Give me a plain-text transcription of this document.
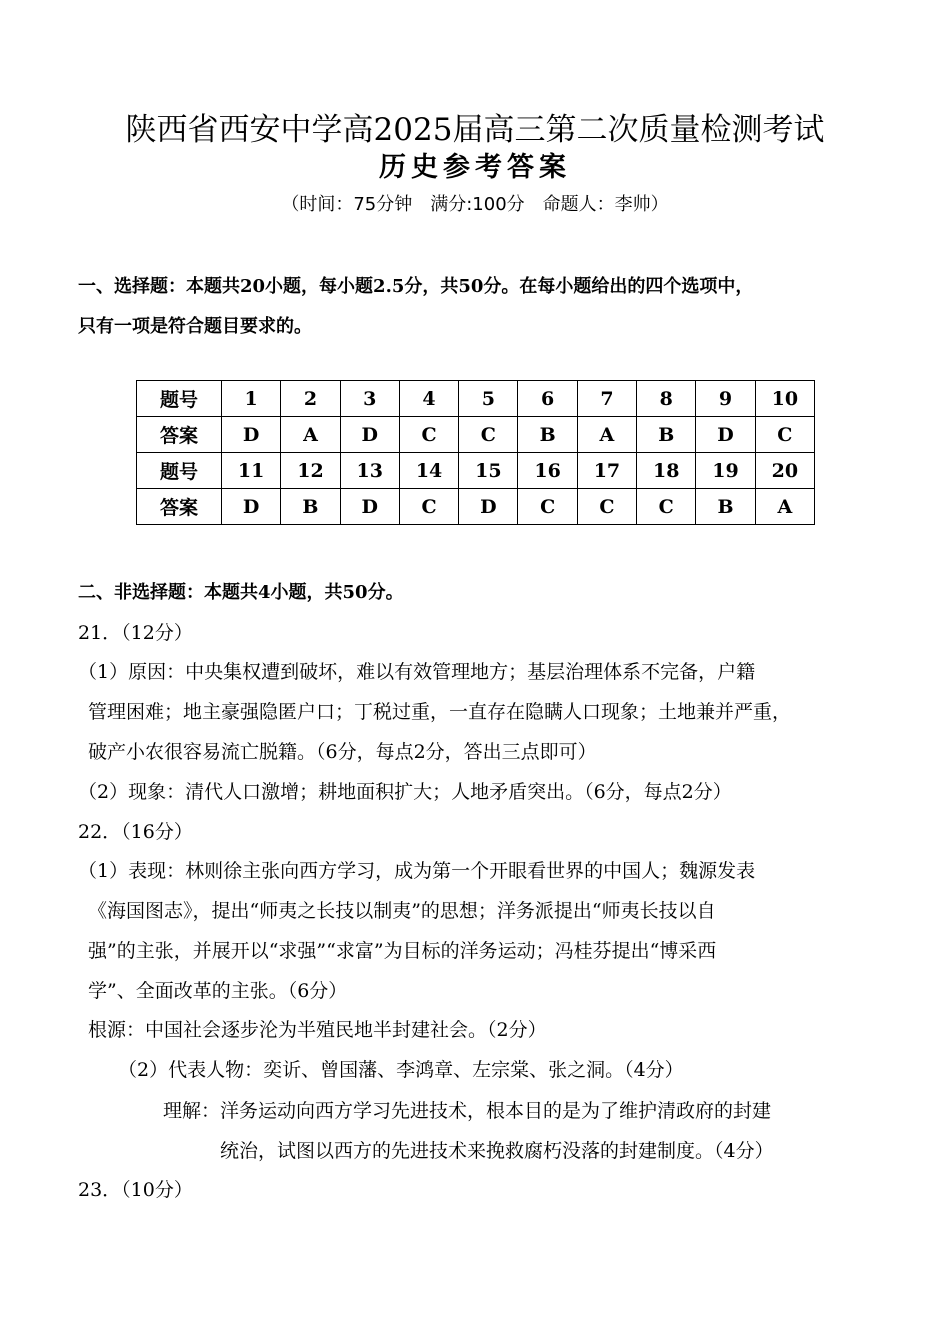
陕西省西安中学高2025届高三第二次质量检测考试
历史参考答案
（时间：75分钟　满分:100分　命题人：李帅）
一、选择题：本题共20小题，每小题2.5分，共50分。在每小题给出的四个选项中，
只有一项是符合题目要求的。
题号	1	2	3	4	5	6	7	8	9	10
答案	D	A	D	C	C	B	A	B	D	C
题号	11	12	13	14	15	16	17	18	19	20
答案	D	B	D	C	D	C	C	C	B	A
二、非选择题：本题共4小题，共50分。
21．（12分）
（1）原因：中央集权遭到破坏，难以有效管理地方；基层治理体系不完备，户籍
管理困难；地主豪强隐匿户口；丁税过重，一直存在隐瞒人口现象；土地兼并严重，
破产小农很容易流亡脱籍。（6分，每点2分，答出三点即可）
（2）现象：清代人口激增；耕地面积扩大；人地矛盾突出。（6分，每点2分）
22．（16分）
（1）表现：林则徐主张向西方学习，成为第一个开眼看世界的中国人；魏源发表
《海国图志》，提出“师夷之长技以制夷”的思想；洋务派提出“师夷长技以自
强”的主张，并展开以“求强”“求富”为目标的洋务运动；冯桂芬提出“博采西
学”、全面改革的主张。（6分）
根源：中国社会逐步沦为半殖民地半封建社会。（2分）
（2）代表人物：奕䜣、曾国藩、李鸿章、左宗棠、张之洞。（4分）
理解：洋务运动向西方学习先进技术，根本目的是为了维护清政府的封建
统治，试图以西方的先进技术来挽救腐朽没落的封建制度。（4分）
23．（10分）
